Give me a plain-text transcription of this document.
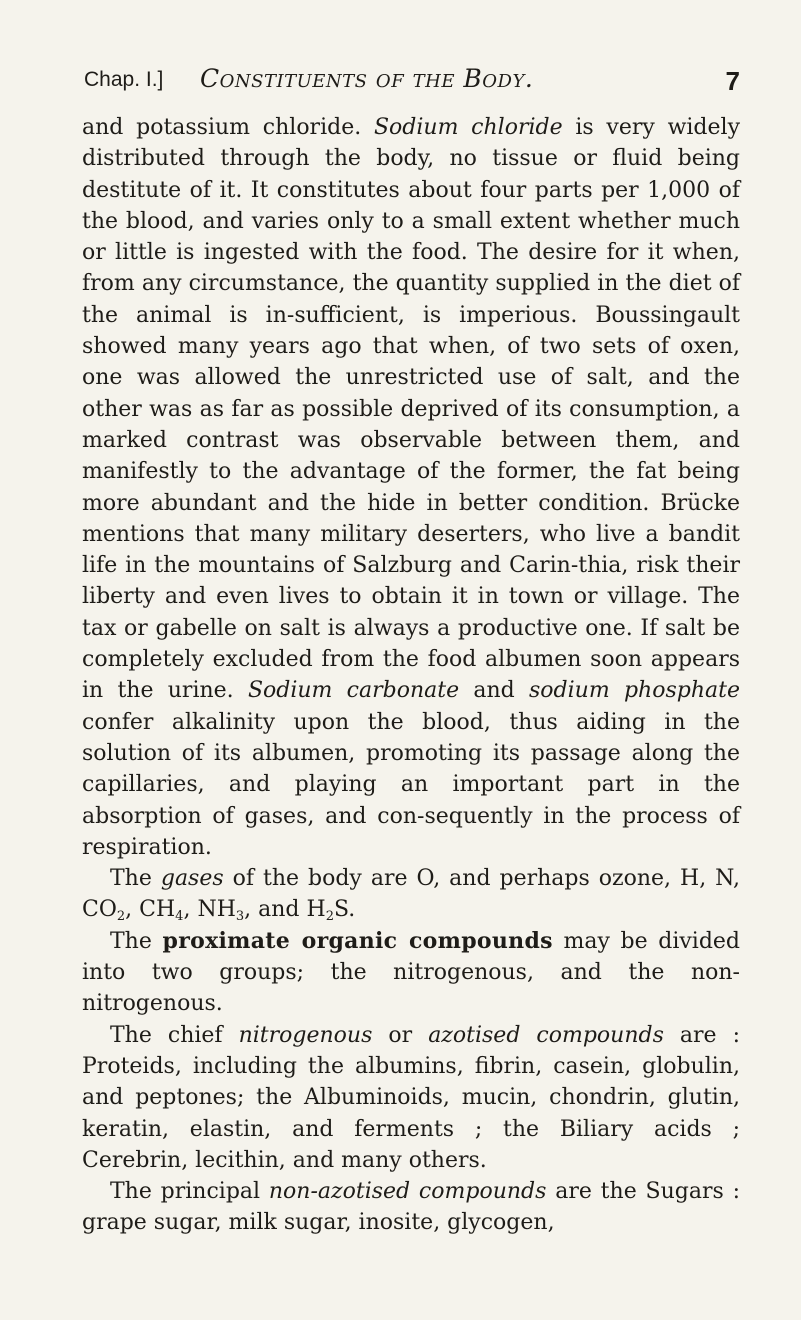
Chap. I.] Constituents of the Body.	7

and potassium chloride. Sodium chloride is very widely distributed through the body, no tissue or fluid being destitute of it. It constitutes about four parts per 1,000 of the blood, and varies only to a small extent whether much or little is ingested with the food. The desire for it when, from any circumstance, the quantity supplied in the diet of the animal is in-sufficient, is imperious. Boussingault showed many years ago that when, of two sets of oxen, one was allowed the unrestricted use of salt, and the other was as far as possible deprived of its consumption, a marked contrast was observable between them, and manifestly to the advantage of the former, the fat being more abundant and the hide in better condition. Brücke mentions that many military deserters, who live a bandit life in the mountains of Salzburg and Carin-thia, risk their liberty and even lives to obtain it in town or village. The tax or gabelle on salt is always a productive one. If salt be completely excluded from the food albumen soon appears in the urine. Sodium carbonate and sodium phosphate confer alkalinity upon the blood, thus aiding in the solution of its albumen, promoting its passage along the capillaries, and playing an important part in the absorption of gases, and con-sequently in the process of respiration.

The gases of the body are O, and perhaps ozone, H, N, $CO_2$, $CH_4$, $NH_3$, and $H_2S$.

The proximate organic compounds may be divided into two groups; the nitrogenous, and the non-nitrogenous.

The chief nitrogenous or azotised compounds are : Proteids, including the albumins, fibrin, casein, globulin, and peptones; the Albuminoids, mucin, chondrin, glutin, keratin, elastin, and ferments ; the Biliary acids ; Cerebrin, lecithin, and many others.

The principal non-azotised compounds are the Sugars : grape sugar, milk sugar, inosite, glycogen,
